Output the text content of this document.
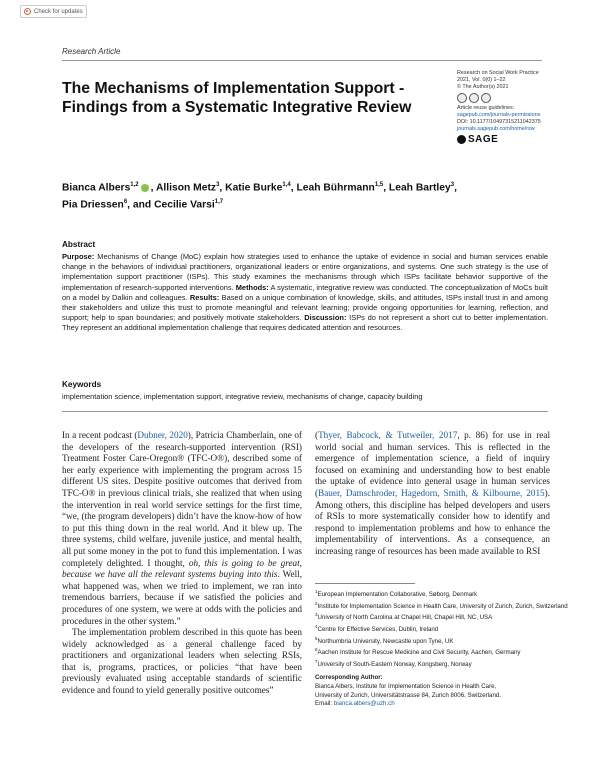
Check for updates
Research Article
The Mechanisms of Implementation Support - Findings from a Systematic Integrative Review
Research on Social Work Practice
2021, Vol. 0(0) 1–22
© The Author(s) 2021
Article reuse guidelines:
sagepub.com/journals-permissions
DOI: 10.1177/10497315211042375
journals.sagepub.com/home/rsw
SAGE
Bianca Albers$^{1,2}$ , Allison Metz$^3$, Katie Burke$^{1,4}$, Leah Bührmann$^{1,5}$, Leah Bartley$^3$,
Pia Driessen$^6$, and Cecilie Varsi$^{1,7}$
Abstract
Purpose: Mechanisms of Change (MoC) explain how strategies used to enhance the uptake of evidence in social and human services enable change in the behaviors of individual practitioners, organizational leaders or entire organizations, and systems. One such strategy is the use of implementation support practitioner (ISPs). This study examines the mechanisms through which ISPs facilitate behavior supportive of the implementation of research-supported interventions. Methods: A systematic, integrative review was conducted. The conceptualization of MoCs built on a model by Dalkin and colleagues. Results: Based on a unique combination of knowledge, skills, and attitudes, ISPs install trust in and among their stakeholders and utilize this trust to promote meaningful and relevant learning; provide ongoing opportunities for learning, reflection, and support; help to span boundaries; and positively motivate stakeholders. Discussion: ISPs do not represent a short cut to better implementation. They represent an additional implementation challenge that requires dedicated attention and resources.
Keywords
implementation science, implementation support, integrative review, mechanisms of change, capacity building

In a recent podcast (Dubner, 2020), Patricia Chamberlain, one of the developers of the research-supported intervention (RSI) Treatment Foster Care-Oregon® (TFC-O®), described some of her early experience with implementing the program across 15 different US sites. Despite positive outcomes that derived from TFC-O® in previous clinical trials, she realized that when using the intervention in real world service settings for the first time, “we, (the program developers) didn’t have the know-how of how to put this thing down in the real world. And it blew up. The three systems, child welfare, juvenile justice, and mental health, all put some money in the pot to fund this implementation. I was completely delighted. I thought, oh, this is going to be great, because we have all the relevant systems buying into this. Well, what happened was, when we tried to implement, we ran into tremendous barriers, because if we satisfied the policies and procedures of one system, we were at odds with the policies and procedures in the other system.”

The implementation problem described in this quote has been widely acknowledged as a general challenge faced by practitioners and organizational leaders when selecting RSIs, that is, programs, practices, or policies “that have been previously evaluated using acceptable standards of scientific evidence and found to yield generally positive outcomes”

(Thyer, Babcock, & Tutweiler, 2017, p. 86) for use in real world social and human services. This is reflected in the emergence of implementation science, a field of inquiry focused on examining and understanding how to best enable the uptake of evidence into general usage in human services (Bauer, Damschroder, Hagedorn, Smith, & Kilbourne, 2015). Among others, this discipline has helped developers and users of RSIs to more systematically consider how to identify and respond to implementation problems and how to enhance the implementability of interventions. As a consequence, an increasing range of resources has been made available to RSI

$^1$European Implementation Collaborative, Søborg, Denmark
$^2$Institute for Implementation Science in Health Care, University of Zurich, Zurich, Switzerland
$^3$University of North Carolina at Chapel Hill, Chapel Hill, NC, USA
$^4$Centre for Effective Services, Dublin, Ireland
$^5$Northumbria University, Newcastle upon Tyne, UK
$^6$Aachen Institute for Rescue Medicine and Civil Security, Aachen, Germany
$^7$University of South-Eastern Norway, Kongsberg, Norway
Corresponding Author:
Bianca Albers, Institute for Implementation Science in Health Care,
University of Zurich, Universitätstrasse 84, Zurich 8006, Switzerland.
Email: bianca.albers@uzh.ch
